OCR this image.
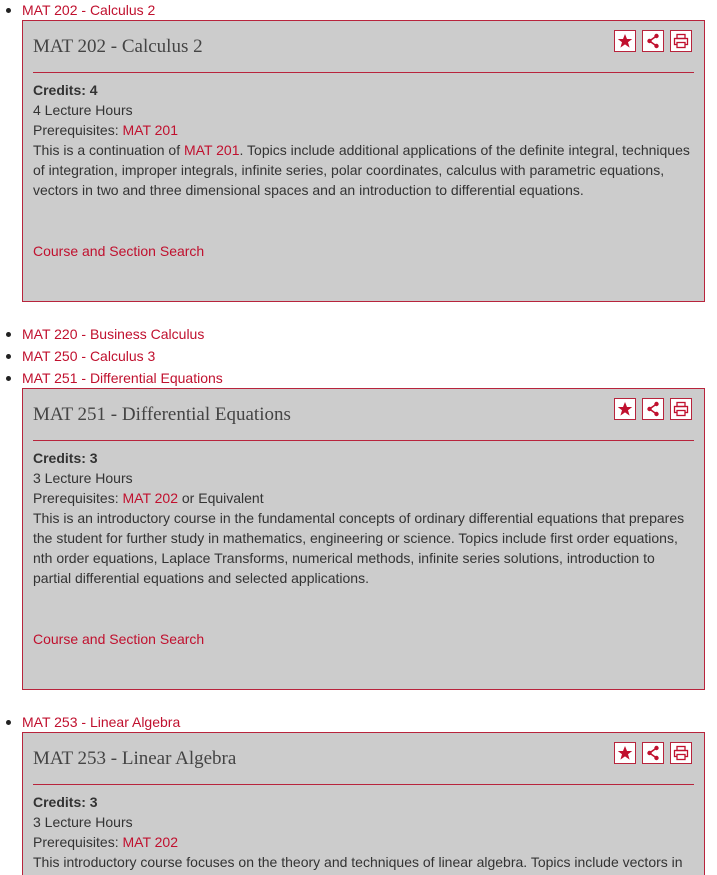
MAT 202 - Calculus 2
MAT 202 - Calculus 2
Credits: 4
4 Lecture Hours
Prerequisites: MAT 201
This is a continuation of MAT 201. Topics include additional applications of the definite integral, techniques of integration, improper integrals, infinite series, polar coordinates, calculus with parametric equations, vectors in two and three dimensional spaces and an introduction to differential equations.
Course and Section Search
MAT 220 - Business Calculus
MAT 250 - Calculus 3
MAT 251 - Differential Equations
MAT 251 - Differential Equations
Credits: 3
3 Lecture Hours
Prerequisites: MAT 202 or Equivalent
This is an introductory course in the fundamental concepts of ordinary differential equations that prepares the student for further study in mathematics, engineering or science. Topics include first order equations, nth order equations, Laplace Transforms, numerical methods, infinite series solutions, introduction to partial differential equations and selected applications.
Course and Section Search
MAT 253 - Linear Algebra
MAT 253 - Linear Algebra
Credits: 3
3 Lecture Hours
Prerequisites: MAT 202
This introductory course focuses on the theory and techniques of linear algebra. Topics include vectors in
